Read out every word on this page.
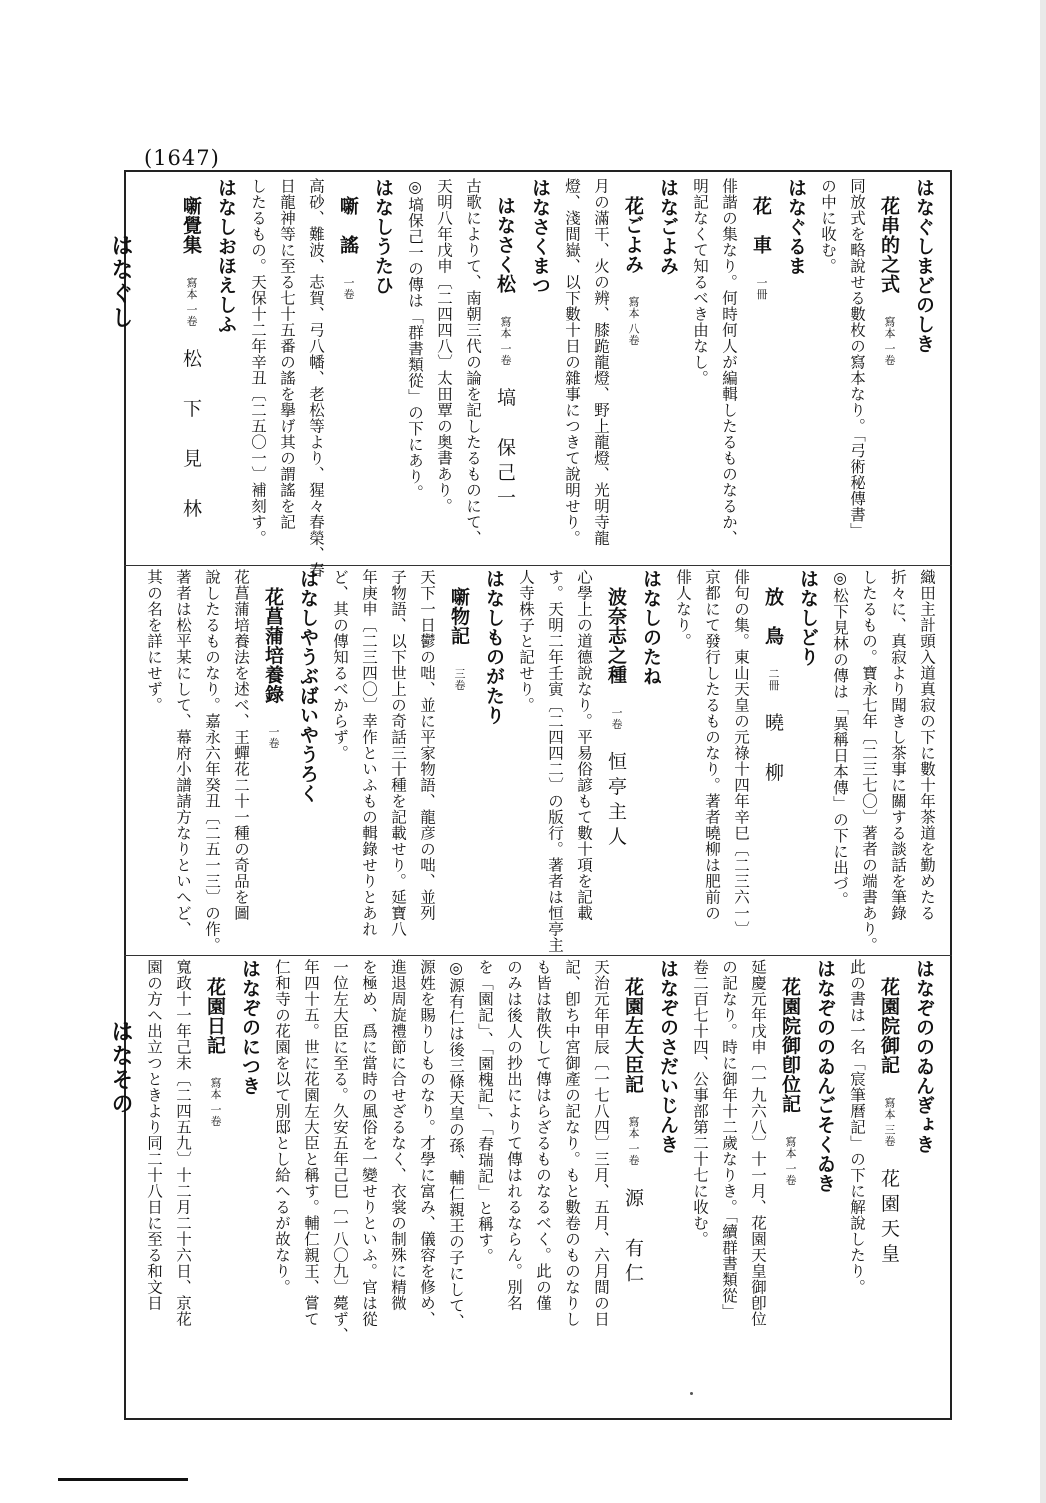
(1647)
はなぐし
はなその
はなぐしまどのしき
花串的之式寫本 一卷
同放式を略說せる數枚の寫本なり。「弓術秘傳書」
の中に收む。
はなぐるま
花　車一冊
俳諧の集なり。何時何人が編輯したるものなるか、
明記なくて知るべき由なし。
はなごよみ
花ごよみ寫本 八卷
月の滿干、火の辨、膝跪龍燈、野上龍燈、光明寺龍
燈、淺間嶽、以下數十日の雜事につきて說明せり。
はなさくまつ
はなさく松寫本 一卷塙　保己一
古歌によりて、南朝三代の論を記したるものにて、
天明八年戊申〔二四四八〕太田覃の奥書あり。
◎塙保己一の傳は「群書類從」の下にあり。
はなしうたひ
噺　謠一卷
高砂、難波、志賀、弓八幡、老松等より、猩々春榮、春
日龍神等に至る七十五番の謠を擧げ其の謂謠を記
したるもの。天保十二年辛丑〔二五〇一〕補刻す。
はなしおほえしふ
噺覺集寫本 一卷松　下　見　林
織田主計頭入道真寂の下に數十年茶道を勤めたる
折々に、真寂より聞きし茶事に關する談話を筆錄
したるもの。寶永七年〔二三七〇〕著者の端書あり。
◎松下見林の傳は「異稱日本傳」の下に出づ。
はなしどり
放　鳥二冊曉　柳
俳句の集。東山天皇の元祿十四年辛巳〔二三六一〕
京都にて發行したるものなり。著者曉柳は肥前の
俳人なり。
はなしのたね
波奈志之種一卷恒亭主人
心學上の道德說なり。平易俗諺もて數十項を記載
す。天明二年壬寅〔二四四二〕の版行。著者は恒亭主
人寺株子と記せり。
はなしものがたり
噺物記三卷
天下一日鬱の咄、並に平家物語、龍彦の咄、並列
子物語、以下世上の奇話三十種を記載せり。延寶八
年庚申〔二三四〇〕幸作といふもの輯錄せりとあれ
ど、其の傳知るべからず。
はなしやうぶばいやうろく
花菖蒲培養錄一卷
花菖蒲培養法を述べ、王蟬花二十一種の奇品を圖
說したるものなり。嘉永六年癸丑〔二五一三〕の作。
著者は松平某にして、幕府小譜請方なりといへど、
其の名を詳にせず。
はなぞののゐんぎょき
花園院御記寫本 三卷花園天皇
此の書は一名「宸筆曆記」の下に解說したり。
はなぞののゐんごそくゐき
花園院御卽位記寫本 一卷
延慶元年戊申〔一九六八〕十一月、花園天皇御卽位
の記なり。時に御年十二歲なりき。「續群書類從」
卷二百七十四、公事部第二十七に收む。
はなぞのさだいじんき
花園左大臣記寫本 一卷源　有仁
天治元年甲辰〔一七八四〕三月、五月、六月間の日
記、卽ち中宮御產の記なり。もと數卷のものなりし
も皆は散佚して傳はらざるものなるべく。此の僅
のみは後人の抄出によりて傳はれるならん。別名
を「園記」、「園槐記」、「春瑞記」と稱す。
◎源有仁は後三條天皇の孫、輔仁親王の子にして、
源姓を賜りしものなり。才學に富み、儀容を修め、
進退周旋禮節に合せざるなく、衣裳の制殊に精微
を極め、爲に當時の風俗を一變せりといふ。官は從
一位左大臣に至る。久安五年己巳〔一八〇九〕薨ず、
年四十五。世に花園左大臣と稱す。輔仁親王、嘗て
仁和寺の花園を以て別邸とし給へるが故なり。
はなぞのにつき
花園日記寫本 一卷
寬政十一年己未〔二四五九〕十二月二十六日、京花
園の方へ出立つときより同二十八日に至る和文日
